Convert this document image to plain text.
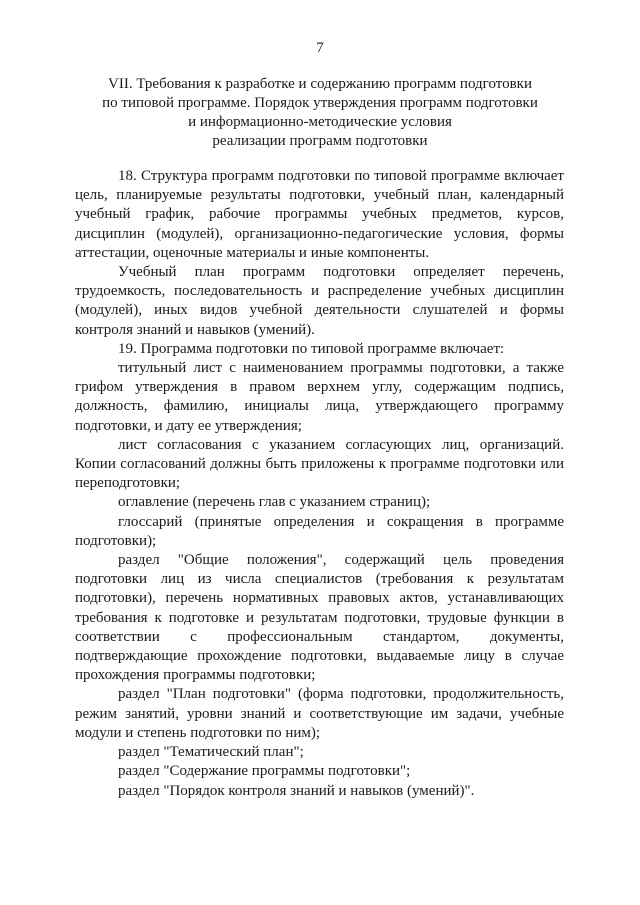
7
VII. Требования к разработке и содержанию программ подготовки
по типовой программе. Порядок утверждения программ подготовки
и информационно-методические условия
реализации программ подготовки

18. Структура программ подготовки по типовой программе включает цель, планируемые результаты подготовки, учебный план, календарный учебный график, рабочие программы учебных предметов, курсов, дисциплин (модулей), организационно-педагогические условия, формы аттестации, оценочные материалы и иные компоненты.

Учебный план программ подготовки определяет перечень, трудоемкость, последовательность и распределение учебных дисциплин (модулей), иных видов учебной деятельности слушателей и формы контроля знаний и навыков (умений).

19. Программа подготовки по типовой программе включает:

титульный лист с наименованием программы подготовки, а также грифом утверждения в правом верхнем углу, содержащим подпись, должность, фамилию, инициалы лица, утверждающего программу подготовки, и дату ее утверждения;

лист согласования с указанием согласующих лиц, организаций. Копии согласований должны быть приложены к программе подготовки или переподготовки;

оглавление (перечень глав с указанием страниц);

глоссарий (принятые определения и сокращения в программе подготовки);

раздел "Общие положения", содержащий цель проведения подготовки лиц из числа специалистов (требования к результатам подготовки), перечень нормативных правовых актов, устанавливающих требования к подготовке и результатам подготовки, трудовые функции в соответствии с профессиональным стандартом, документы, подтверждающие прохождение подготовки, выдаваемые лицу в случае прохождения программы подготовки;

раздел "План подготовки" (форма подготовки, продолжительность, режим занятий, уровни знаний и соответствующие им задачи, учебные модули и степень подготовки по ним);

раздел "Тематический план";

раздел "Содержание программы подготовки";

раздел "Порядок контроля знаний и навыков (умений)".
